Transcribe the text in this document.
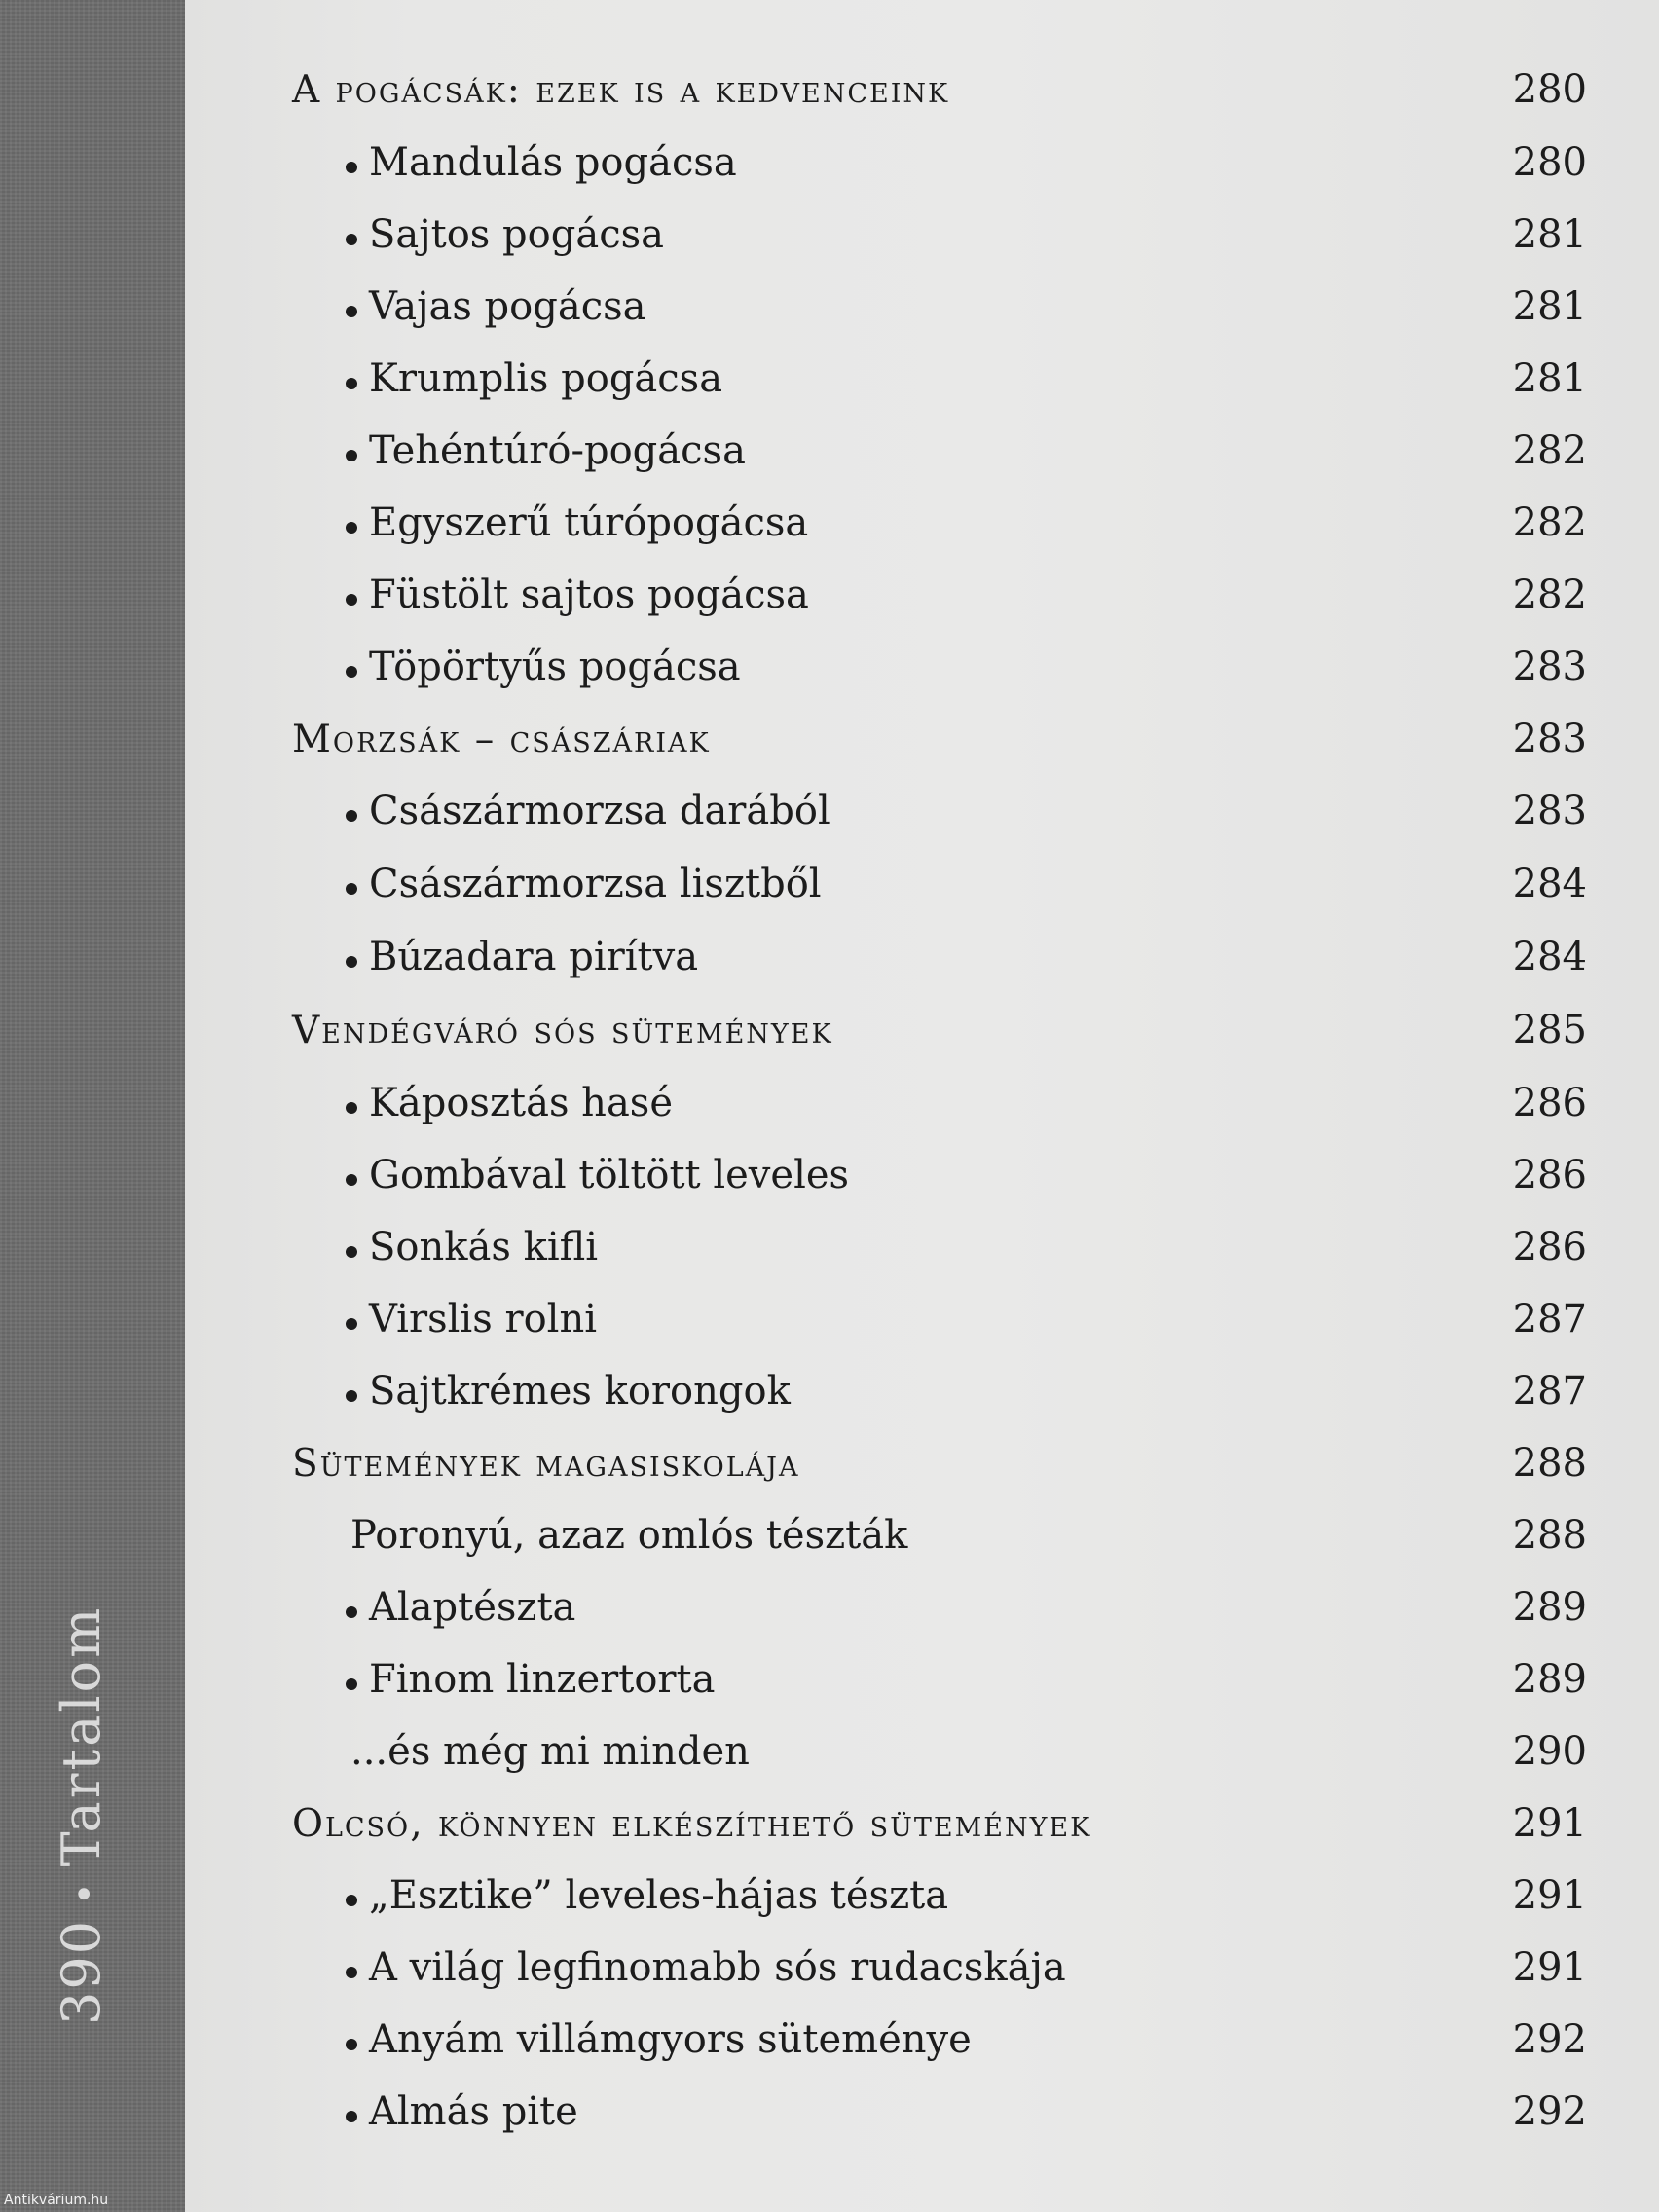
390•Tartalom
A pogácsák: ezek is a kedvenceink	280
Mandulás pogácsa	280
Sajtos pogácsa	281
Vajas pogácsa	281
Krumplis pogácsa	281
Tehéntúró-pogácsa	282
Egyszerű túrópogácsa	282
Füstölt sajtos pogácsa	282
Töpörtyűs pogácsa	283
Morzsák – császáriak	283
Császármorzsa darából	283
Császármorzsa lisztből	284
Búzadara pirítva	284
Vendégváró sós sütemények	285
Káposztás hasé	286
Gombával töltött leveles	286
Sonkás kifli	286
Virslis rolni	287
Sajtkrémes korongok	287
Sütemények magasiskolája	288
Poronyú, azaz omlós tészták	288
Alaptészta	289
Finom linzertorta	289
...és még mi minden	290
Olcsó, könnyen elkészíthető sütemények	291
„Esztike” leveles-hájas tészta	291
A világ legfinomabb sós rudacskája	291
Anyám villámgyors süteménye	292
Almás pite	292
Antikvárium.hu
